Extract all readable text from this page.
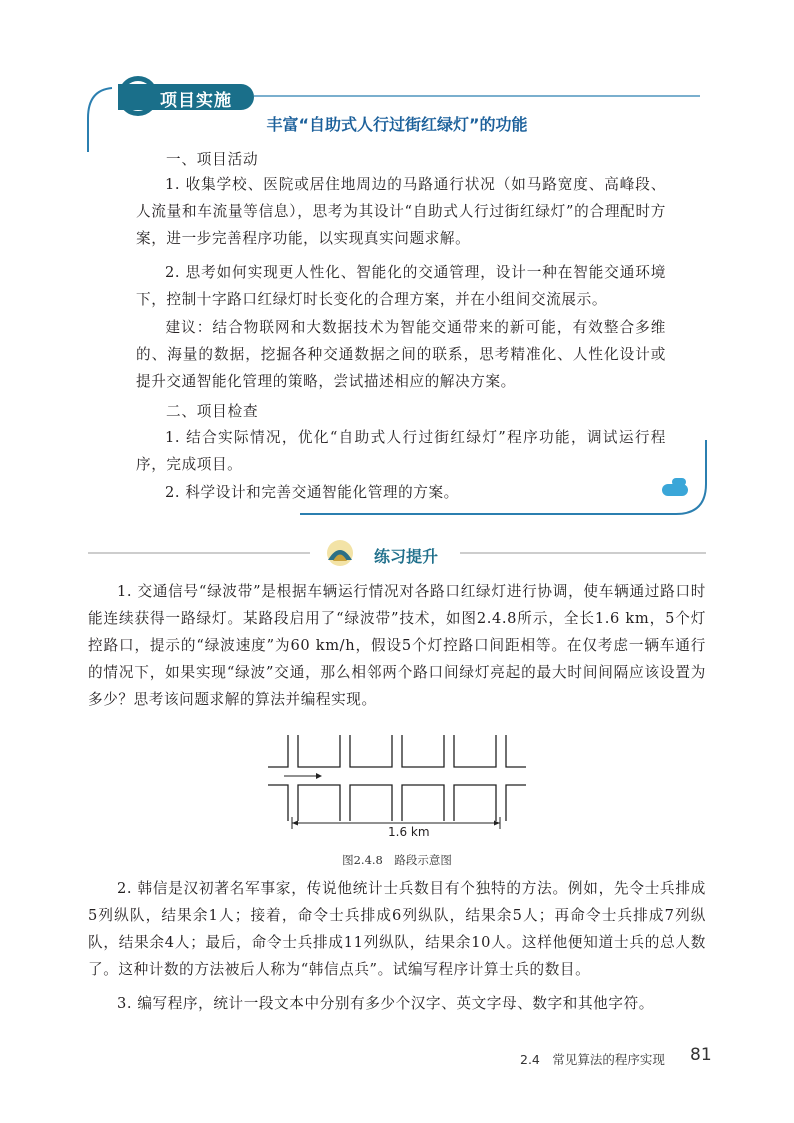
项目实施
丰富“自助式人行过街红绿灯”的功能
一、项目活动

1. 收集学校、医院或居住地周边的马路通行状况（如马路宽度、高峰段、人流量和车流量等信息），思考为其设计“自助式人行过街红绿灯”的合理配时方案，进一步完善程序功能，以实现真实问题求解。

2. 思考如何实现更人性化、智能化的交通管理，设计一种在智能交通环境下，控制十字路口红绿灯时长变化的合理方案，并在小组间交流展示。

建议：结合物联网和大数据技术为智能交通带来的新可能，有效整合多维的、海量的数据，挖掘各种交通数据之间的联系，思考精准化、人性化设计或提升交通智能化管理的策略，尝试描述相应的解决方案。

二、项目检查

1. 结合实际情况，优化“自助式人行过街红绿灯”程序功能，调试运行程序，完成项目。

2. 科学设计和完善交通智能化管理的方案。

练习提升

1. 交通信号“绿波带”是根据车辆运行情况对各路口红绿灯进行协调，使车辆通过路口时能连续获得一路绿灯。某路段启用了“绿波带”技术，如图2.4.8所示，全长1.6 km，5个灯控路口，提示的“绿波速度”为60 km/h，假设5个灯控路口间距相等。在仅考虑一辆车通行的情况下，如果实现“绿波”交通，那么相邻两个路口间绿灯亮起的最大时间间隔应该设置为多少？思考该问题求解的算法并编程实现。

1.6 km
图2.4.8　路段示意图

2. 韩信是汉初著名军事家，传说他统计士兵数目有个独特的方法。例如，先令士兵排成5列纵队，结果余1人；接着，命令士兵排成6列纵队，结果余5人；再命令士兵排成7列纵队，结果余4人；最后，命令士兵排成11列纵队，结果余10人。这样他便知道士兵的总人数了。这种计数的方法被后人称为“韩信点兵”。试编写程序计算士兵的数目。

3. 编写程序，统计一段文本中分别有多少个汉字、英文字母、数字和其他字符。

2.4　常见算法的程序实现 81
